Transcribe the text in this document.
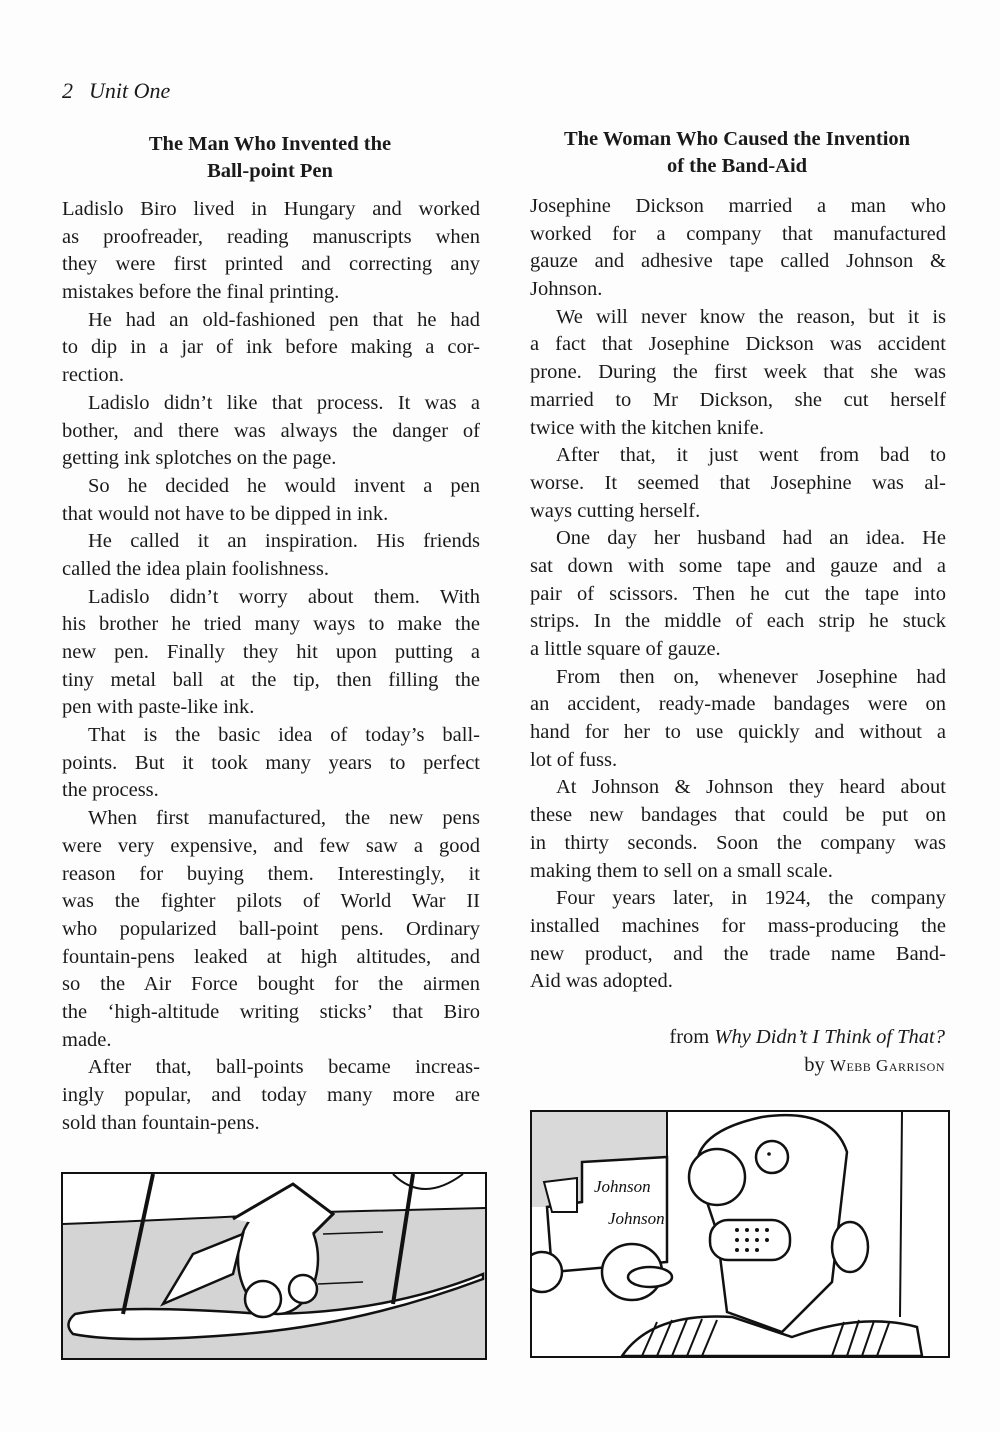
2 Unit One
The Man Who Invented the
Ball-point Pen
The Woman Who Caused the Invention
of the Band-Aid
Ladislo Biro lived in Hungary and worked
as proofreader, reading manuscripts when
they were first printed and correcting any
mistakes before the final printing.
He had an old-fashioned pen that he had
to dip in a jar of ink before making a cor-
rection.
Ladislo didn’t like that process. It was a
bother, and there was always the danger of
getting ink splotches on the page.
So he decided he would invent a pen
that would not have to be dipped in ink.
He called it an inspiration. His friends
called the idea plain foolishness.
Ladislo didn’t worry about them. With
his brother he tried many ways to make the
new pen. Finally they hit upon putting a
tiny metal ball at the tip, then filling the
pen with paste-like ink.
That is the basic idea of today’s ball-
points. But it took many years to perfect
the process.
When first manufactured, the new pens
were very expensive, and few saw a good
reason for buying them. Interestingly, it
was the fighter pilots of World War II
who popularized ball-point pens. Ordinary
fountain-pens leaked at high altitudes, and
so the Air Force bought for the airmen
the ‘high-altitude writing sticks’ that Biro
made.
After that, ball-points became increas-
ingly popular, and today many more are
sold than fountain-pens.
Josephine Dickson married a man who
worked for a company that manufactured
gauze and adhesive tape called Johnson &
Johnson.
We will never know the reason, but it is
a fact that Josephine Dickson was accident
prone. During the first week that she was
married to Mr Dickson, she cut herself
twice with the kitchen knife.
After that, it just went from bad to
worse. It seemed that Josephine was al-
ways cutting herself.
One day her husband had an idea. He
sat down with some tape and gauze and a
pair of scissors. Then he cut the tape into
strips. In the middle of each strip he stuck
a little square of gauze.
From then on, whenever Josephine had
an accident, ready-made bandages were on
hand for her to use quickly and without a
lot of fuss.
At Johnson & Johnson they heard about
these new bandages that could be put on
in thirty seconds. Soon the company was
making them to sell on a small scale.
Four years later, in 1924, the company
installed machines for mass-producing the
new product, and the trade name Band-
Aid was adopted.
from Why Didn’t I Think of That?
by Webb Garrison
Johnson
Johnson
